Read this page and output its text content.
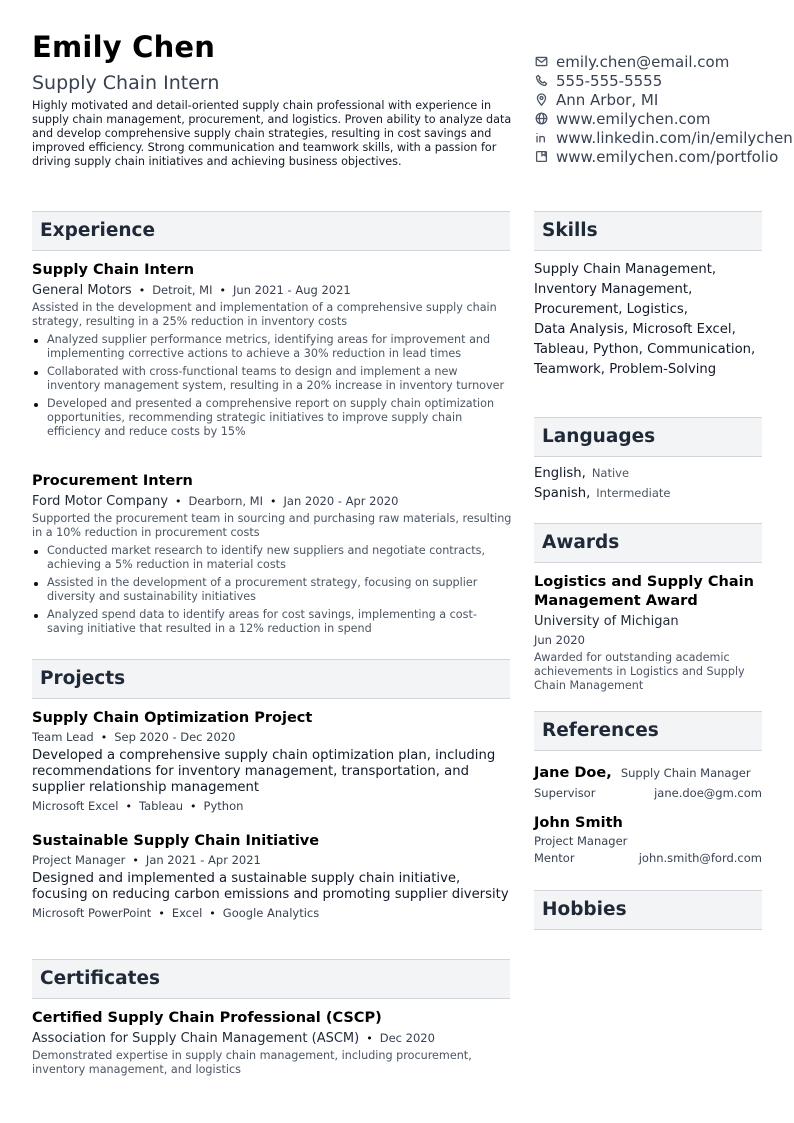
Emily Chen
Supply Chain Intern

Highly motivated and detail-oriented supply chain professional with experience in supply chain management, procurement, and logistics. Proven ability to analyze data and develop comprehensive supply chain strategies, resulting in cost savings and improved efficiency. Strong communication and teamwork skills, with a passion for driving supply chain initiatives and achieving business objectives.

emily.chen@email.com
555-555-5555
Ann Arbor, MI
www.emilychen.com
www.linkedin.com/in/emilychen
www.emilychen.com/portfolio
Experience
Supply Chain Intern
General Motors • Detroit, MI • Jun 2021 - Aug 2021

Assisted in the development and implementation of a comprehensive supply chain strategy, resulting in a 25% reduction in inventory costs

Analyzed supplier performance metrics, identifying areas for improvement and implementing corrective actions to achieve a 30% reduction in lead times
Collaborated with cross-functional teams to design and implement a new inventory management system, resulting in a 20% increase in inventory turnover
Developed and presented a comprehensive report on supply chain optimization opportunities, recommending strategic initiatives to improve supply chain efficiency and reduce costs by 15%
Procurement Intern
Ford Motor Company • Dearborn, MI • Jan 2020 - Apr 2020

Supported the procurement team in sourcing and purchasing raw materials, resulting in a 10% reduction in procurement costs

Conducted market research to identify new suppliers and negotiate contracts, achieving a 5% reduction in material costs
Assisted in the development of a procurement strategy, focusing on supplier diversity and sustainability initiatives
Analyzed spend data to identify areas for cost savings, implementing a cost-saving initiative that resulted in a 12% reduction in spend
Projects
Supply Chain Optimization Project
Team Lead • Sep 2020 - Dec 2020

Developed a comprehensive supply chain optimization plan, including recommendations for inventory management, transportation, and supplier relationship management

Microsoft Excel • Tableau • Python
Sustainable Supply Chain Initiative
Project Manager • Jan 2021 - Apr 2021

Designed and implemented a sustainable supply chain initiative, focusing on reducing carbon emissions and promoting supplier diversity

Microsoft PowerPoint • Excel • Google Analytics
Certificates
Certified Supply Chain Professional (CSCP)
Association for Supply Chain Management (ASCM) • Dec 2020

Demonstrated expertise in supply chain management, including procurement, inventory management, and logistics

Skills
Supply Chain Management, Inventory Management, Procurement, Logistics, Data Analysis, Microsoft Excel, Tableau, Python, Communication, Teamwork, Problem-Solving
Languages
English, Native
Spanish, Intermediate
Awards
Logistics and Supply Chain Management Award
University of Michigan
Jun 2020

Awarded for outstanding academic achievements in Logistics and Supply Chain Management

References
Jane Doe, Supply Chain Manager
Supervisor	jane.doe@gm.com
John Smith
Project Manager
Mentor	john.smith@ford.com
Hobbies
